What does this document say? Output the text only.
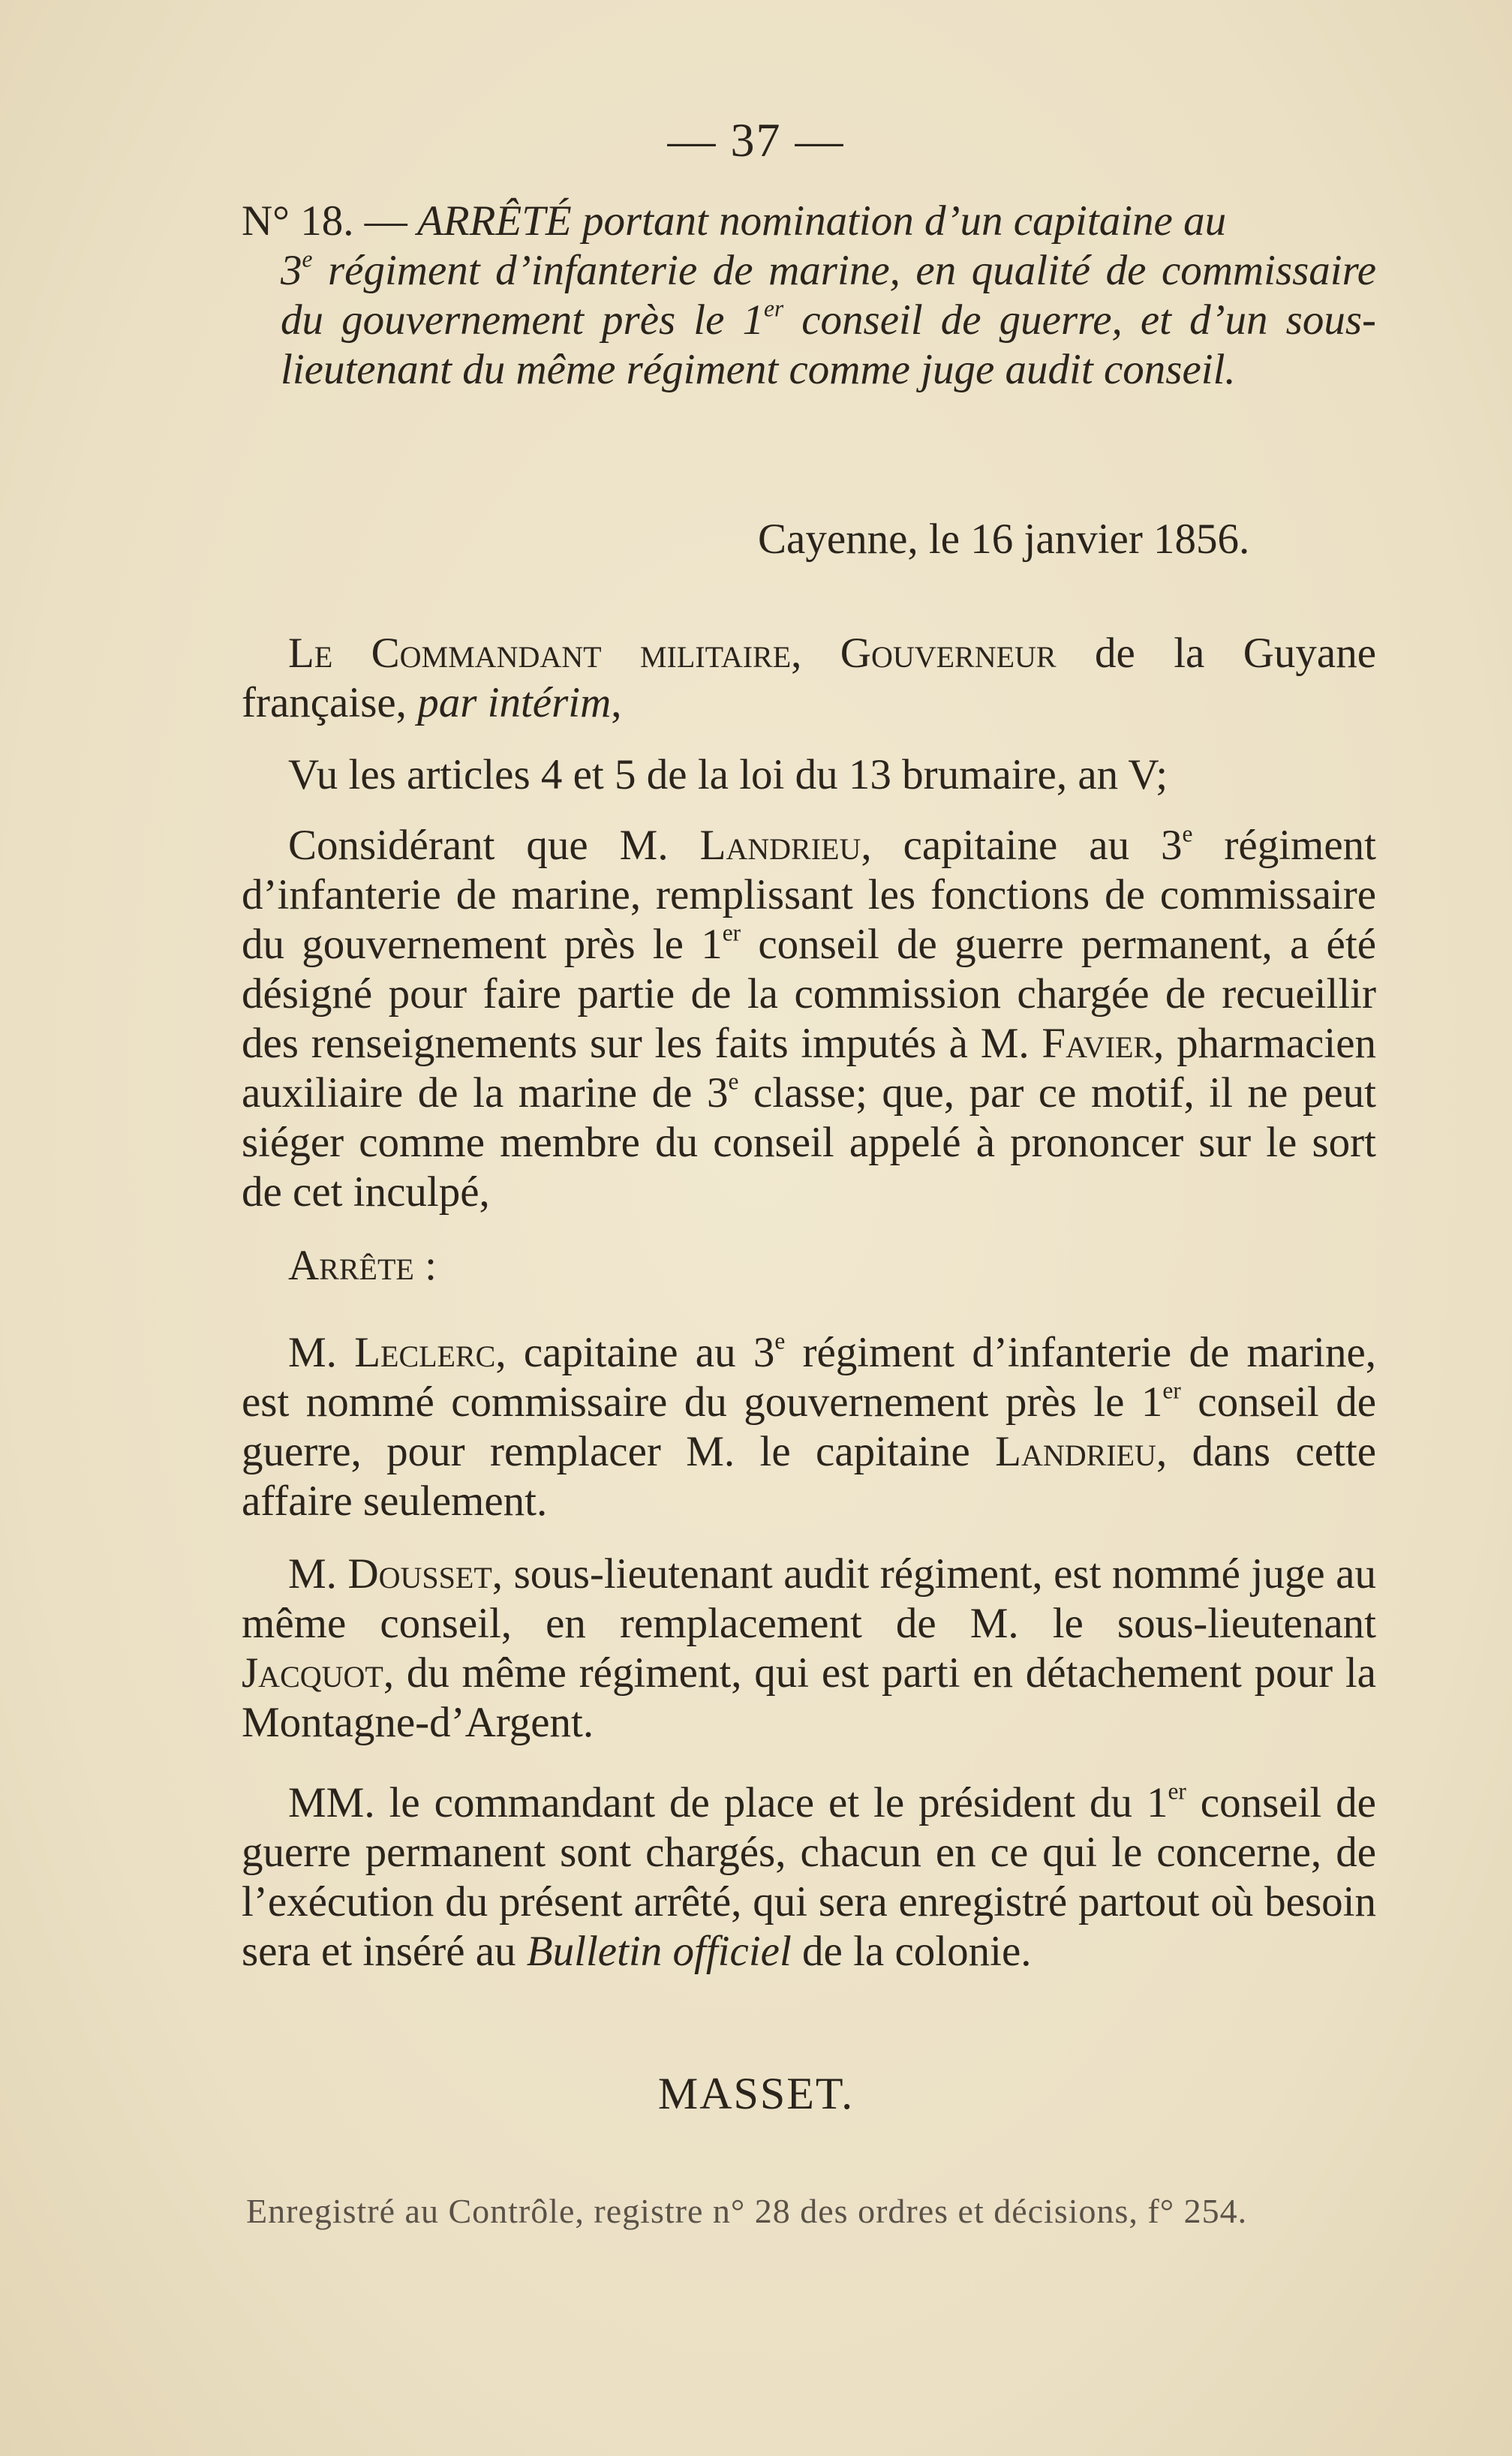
— 37 —
N° 18. — ARRÊTÉ portant nomination d’un capitaine au
3e régiment d’infanterie de marine, en qualité de commissaire du gouvernement près le 1er conseil de guerre, et d’un sous-lieutenant du même régiment comme juge audit conseil.
Cayenne, le 16 janvier 1856.

Le Commandant militaire, Gouverneur de la Guyane française, par intérim,

Vu les articles 4 et 5 de la loi du 13 brumaire, an V;

Considérant que M. Landrieu, capitaine au 3e régiment d’infanterie de marine, remplissant les fonctions de commissaire du gouvernement près le 1er conseil de guerre permanent, a été désigné pour faire partie de la commission chargée de recueillir des renseignements sur les faits imputés à M. Favier, pharmacien auxiliaire de la marine de 3e classe; que, par ce motif, il ne peut siéger comme membre du conseil appelé à prononcer sur le sort de cet inculpé,

Arrête :

M. Leclerc, capitaine au 3e régiment d’infanterie de marine, est nommé commissaire du gouvernement près le 1er conseil de guerre, pour remplacer M. le capitaine Landrieu, dans cette affaire seulement.

M. Dousset, sous-lieutenant audit régiment, est nommé juge au même conseil, en remplacement de M. le sous-lieutenant Jacquot, du même régiment, qui est parti en détachement pour la Montagne-d’Argent.

MM. le commandant de place et le président du 1er conseil de guerre permanent sont chargés, chacun en ce qui le concerne, de l’exécution du présent arrêté, qui sera enregistré partout où besoin sera et inséré au Bulletin officiel de la colonie.

MASSET.
Enregistré au Contrôle, registre n° 28 des ordres et décisions, f° 254.
